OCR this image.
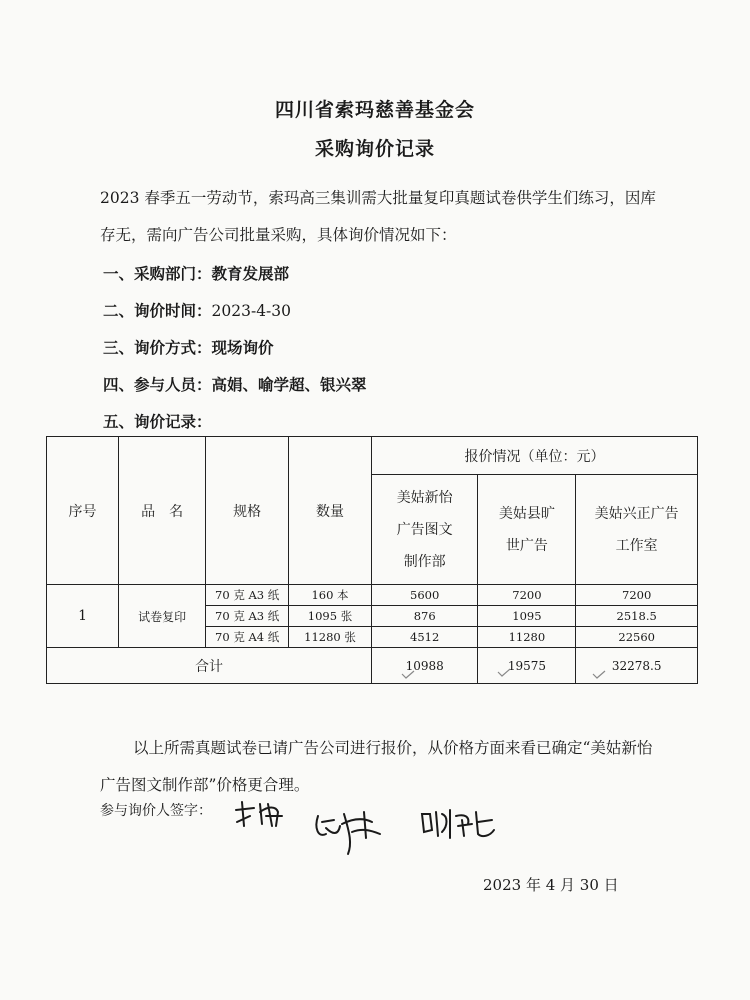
四川省索玛慈善基金会
采购询价记录
2023 春季五一劳动节，索玛高三集训需大批量复印真题试卷供学生们练习，因库存无，需向广告公司批量采购，具体询价情况如下：
一、采购部门：教育发展部
二、询价时间：2023-4-30
三、询价方式：现场询价
四、参与人员：高娟、喻学超、银兴翠
五、询价记录：
序号	品　名	规格	数量	报价情况（单位：元）		

				美姑新怡广告图文制作部	美姑县旷世广告	美姑兴正广告工作室

1	试卷复印	70 克 A3 纸	160 本	5600	7200	7200
		70 克 A3 纸	1095 张	876	1095	2518.5
		70 克 A4 纸	11280 张	4512	11280	22560
合计				10988	19575	32278.5
以上所需真题试卷已请广告公司进行报价，从价格方面来看已确定“美姑新怡广告图文制作部”价格更合理。
参与询价人签字：
2023 年 4 月 30 日
